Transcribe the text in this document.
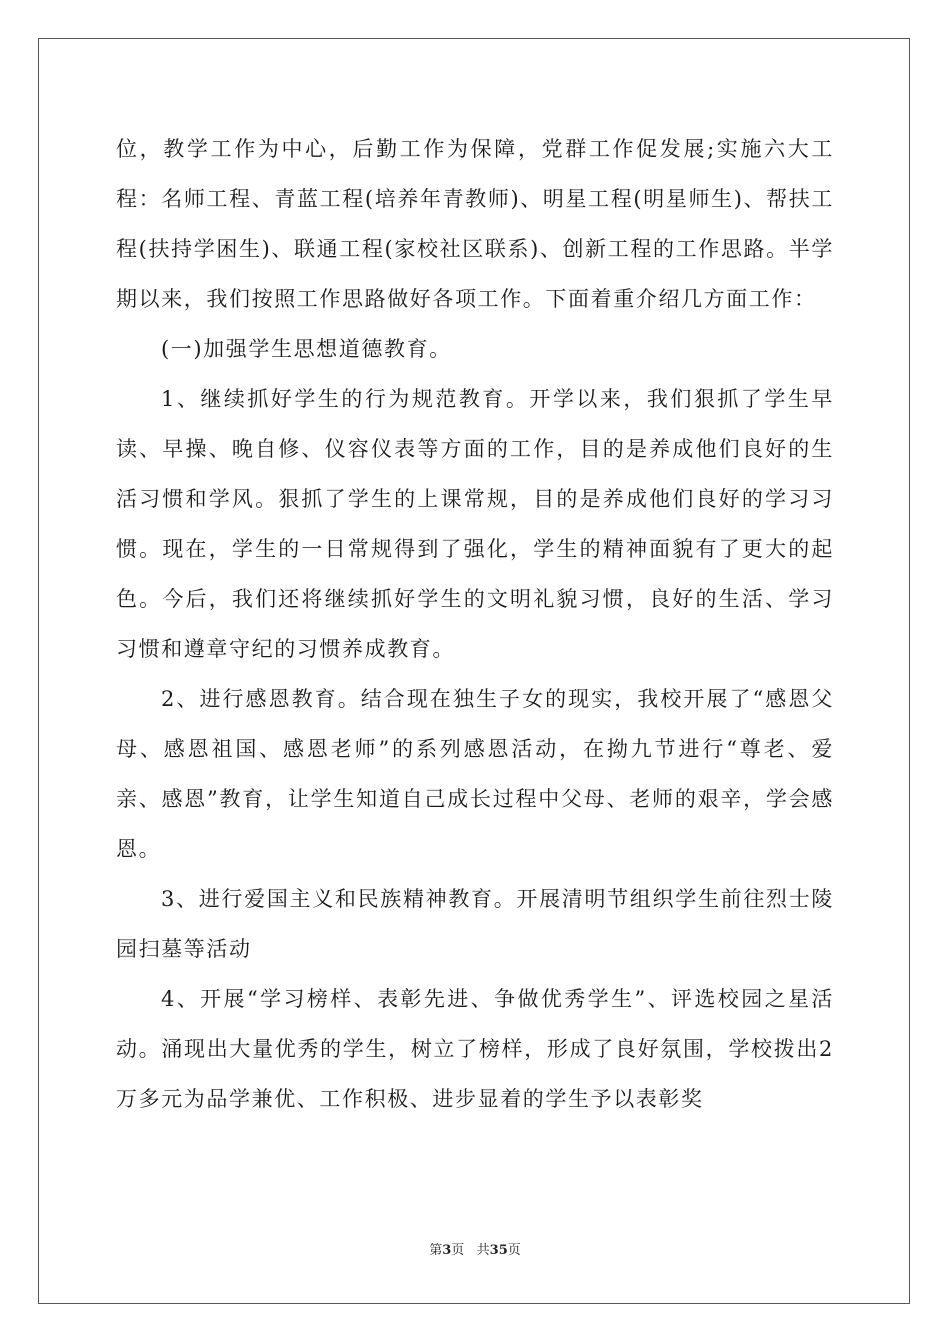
位，教学工作为中心，后勤工作为保障，党群工作促发展;实施六大工程：名师工程、青蓝工程(培养年青教师)、明星工程(明星师生)、帮扶工程(扶持学困生)、联通工程(家校社区联系)、创新工程的工作思路。半学期以来，我们按照工作思路做好各项工作。下面着重介绍几方面工作：

(一)加强学生思想道德教育。

1、继续抓好学生的行为规范教育。开学以来，我们狠抓了学生早读、早操、晚自修、仪容仪表等方面的工作，目的是养成他们良好的生活习惯和学风。狠抓了学生的上课常规，目的是养成他们良好的学习习惯。现在，学生的一日常规得到了强化，学生的精神面貌有了更大的起色。今后，我们还将继续抓好学生的文明礼貌习惯，良好的生活、学习习惯和遵章守纪的习惯养成教育。

2、进行感恩教育。结合现在独生子女的现实，我校开展了“感恩父母、感恩祖国、感恩老师”的系列感恩活动，在拗九节进行“尊老、爱亲、感恩”教育，让学生知道自己成长过程中父母、老师的艰辛，学会感恩。

3、进行爱国主义和民族精神教育。开展清明节组织学生前往烈士陵园扫墓等活动

4、开展“学习榜样、表彰先进、争做优秀学生”、评选校园之星活动。涌现出大量优秀的学生，树立了榜样，形成了良好氛围，学校拨出2万多元为品学兼优、工作积极、进步显着的学生予以表彰奖

第3页   共35页
